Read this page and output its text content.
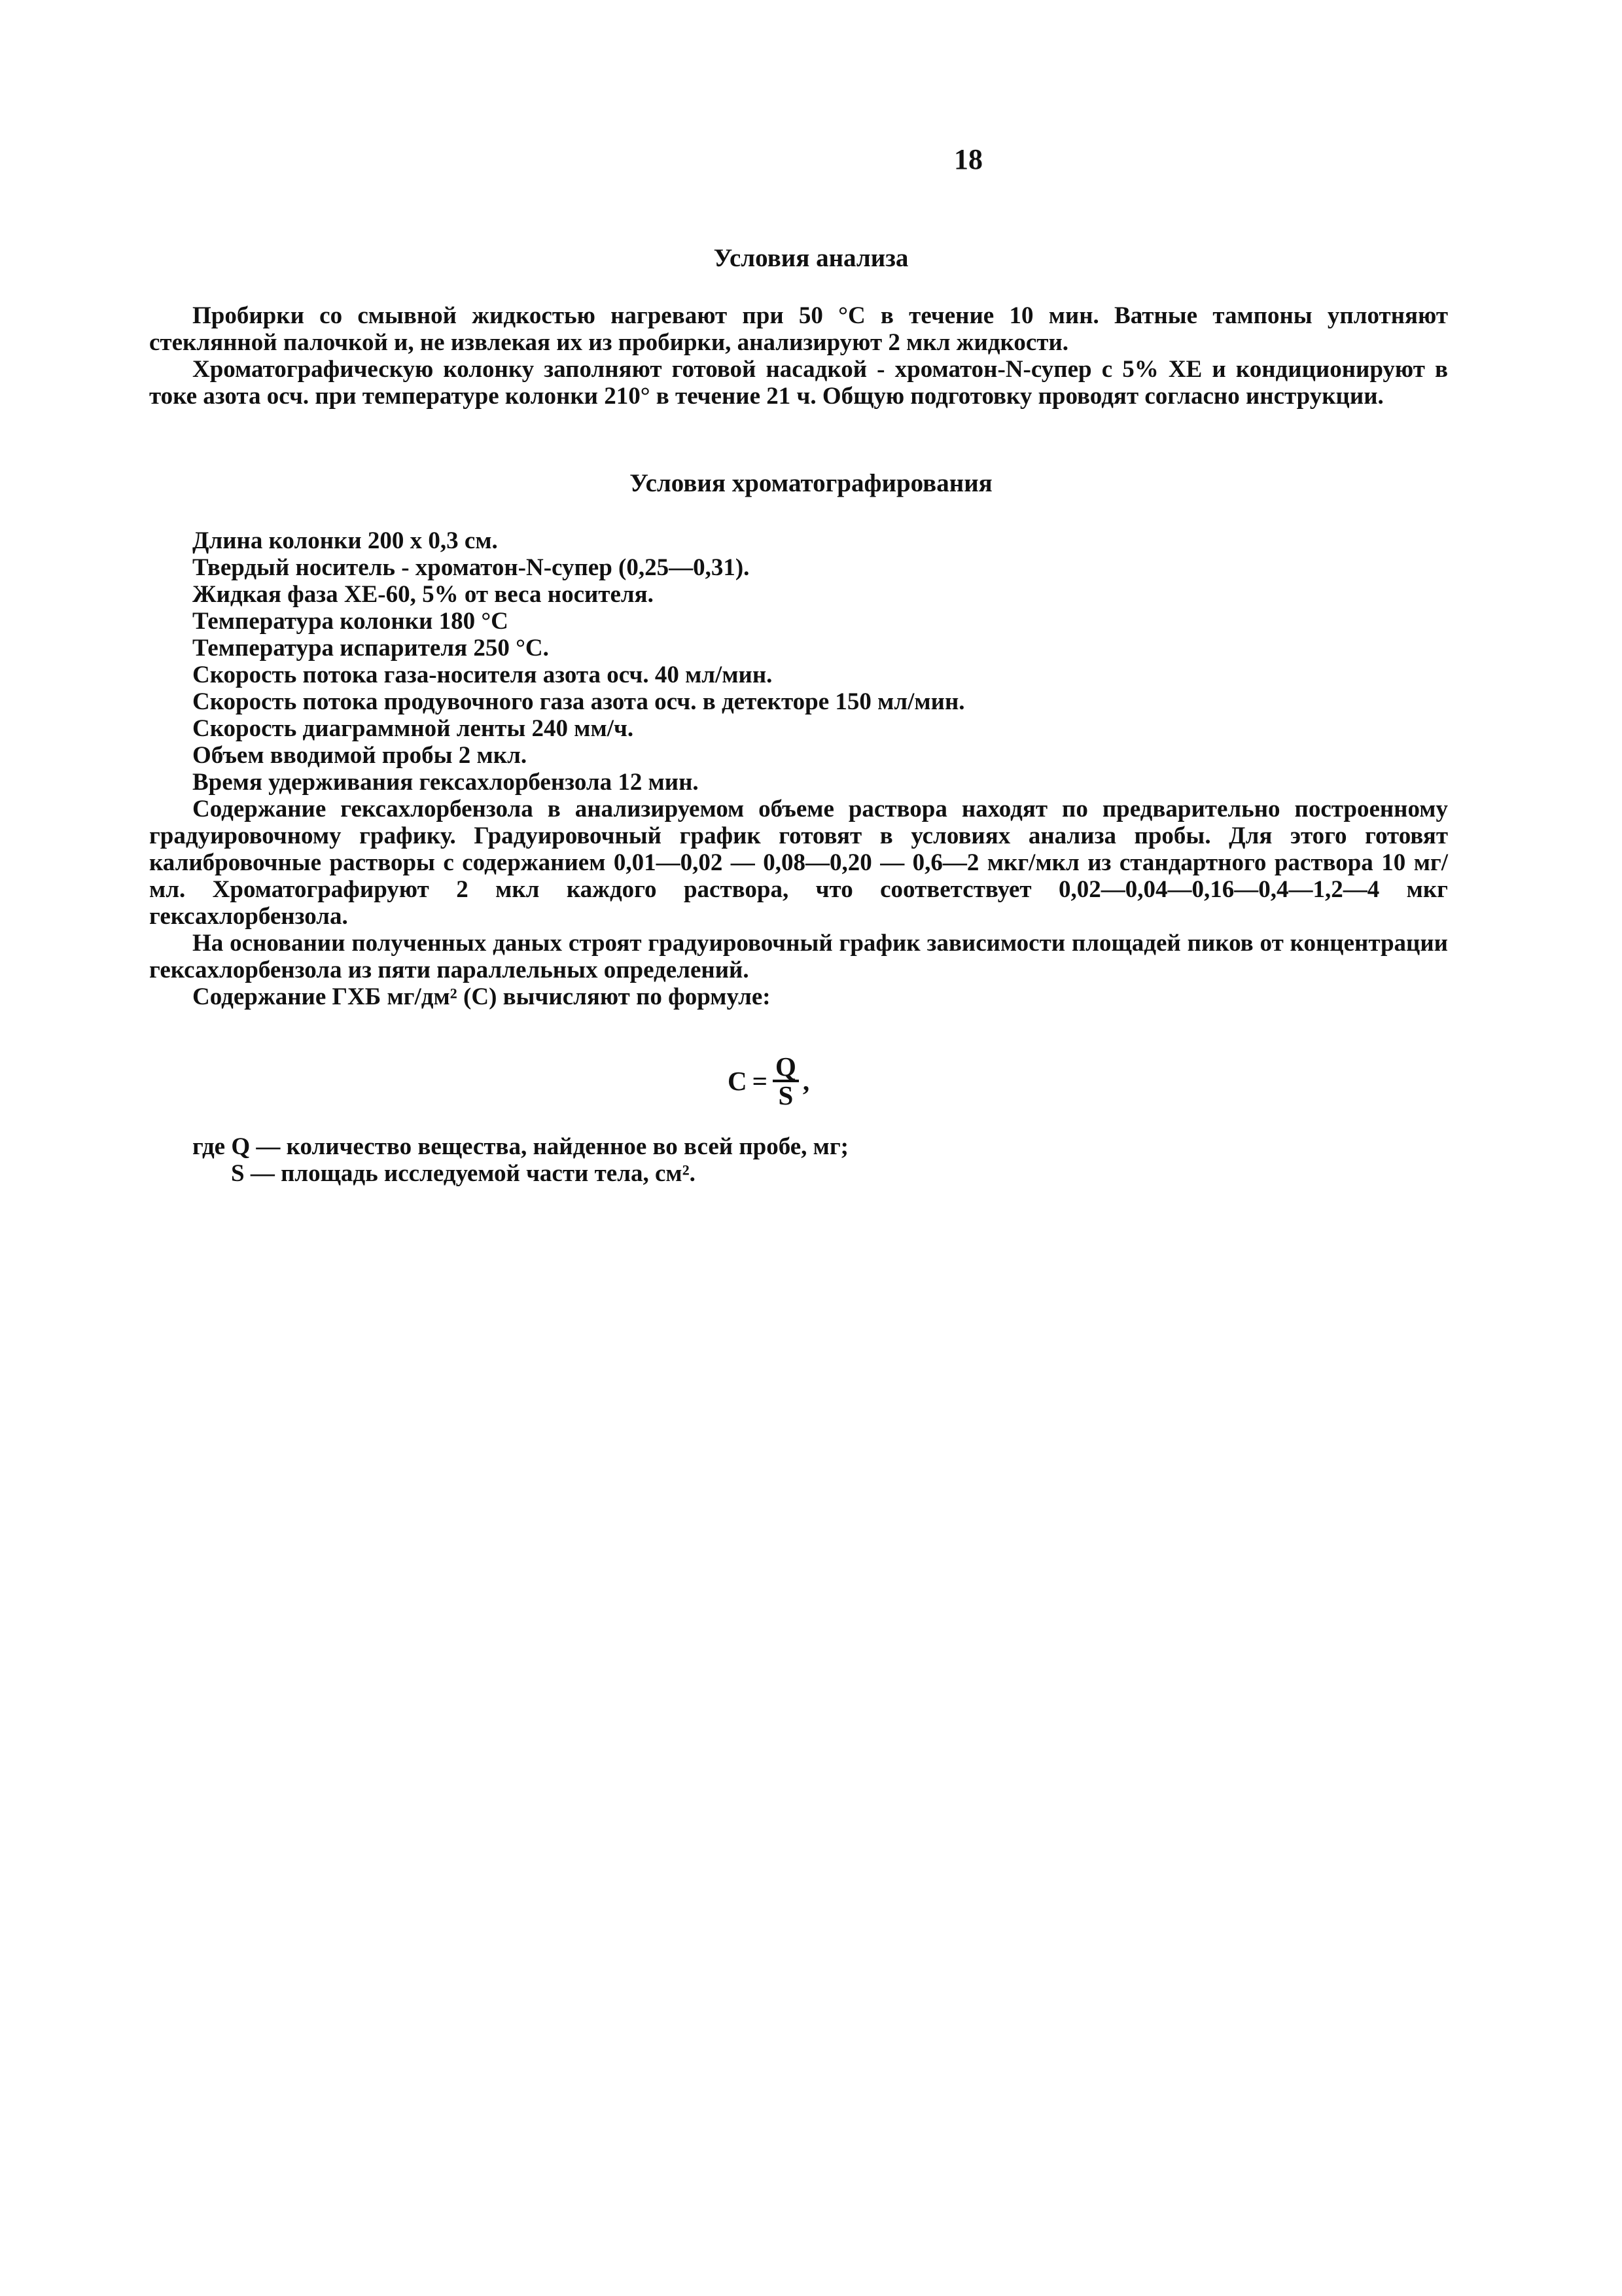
18
Условия анализа

Пробирки со смывной жидкостью нагревают при 50 °С в течение 10 мин. Ватные тампоны уплотняют стеклянной палочкой и, не извлекая их из пробирки, анализируют 2 мкл жидкости.

Хроматографическую колонку заполняют готовой насадкой - хроматон-N-супер с 5% ХЕ и кондиционируют в токе азота осч. при температуре колонки 210° в течение 21 ч. Общую подготовку проводят согласно инструкции.

Условия хроматографирования

Длина колонки 200 х 0,3 см.

Твердый носитель - хроматон-N-супер (0,25—0,31).

Жидкая фаза ХЕ-60, 5% от веса носителя.

Температура колонки 180 °С

Температура испарителя 250 °С.

Скорость потока газа-носителя азота осч. 40 мл/мин.

Скорость потока продувочного газа азота осч. в детекторе 150 мл/мин.

Скорость диаграммной ленты 240 мм/ч.

Объем вводимой пробы 2 мкл.

Время удерживания гексахлорбензола 12 мин.

Содержание гексахлорбензола в анализируемом объеме раствора находят по предварительно построенному градуировочному графику. Градуировочный график готовят в условиях анализа пробы. Для этого готовят калибровочные растворы с содержанием 0,01—0,02 — 0,08—0,20 — 0,6—2 мкг/мкл из стандартного раствора 10 мг/мл. Хроматографируют 2 мкл каждого раствора, что соответствует 0,02—0,04—0,16—0,4—1,2—4 мкг гексахлорбензола.

На основании полученных даных строят градуировочный график зависимости площадей пиков от концентрации гексахлорбензола из пяти параллельных определений.

Содержание ГХБ мг/дм² (С) вычисляют по формуле:

$С = \frac{Q}{S}$ ,
где Q — количество вещества, найденное во всей пробе, мг;
S — площадь исследуемой части тела, см².
